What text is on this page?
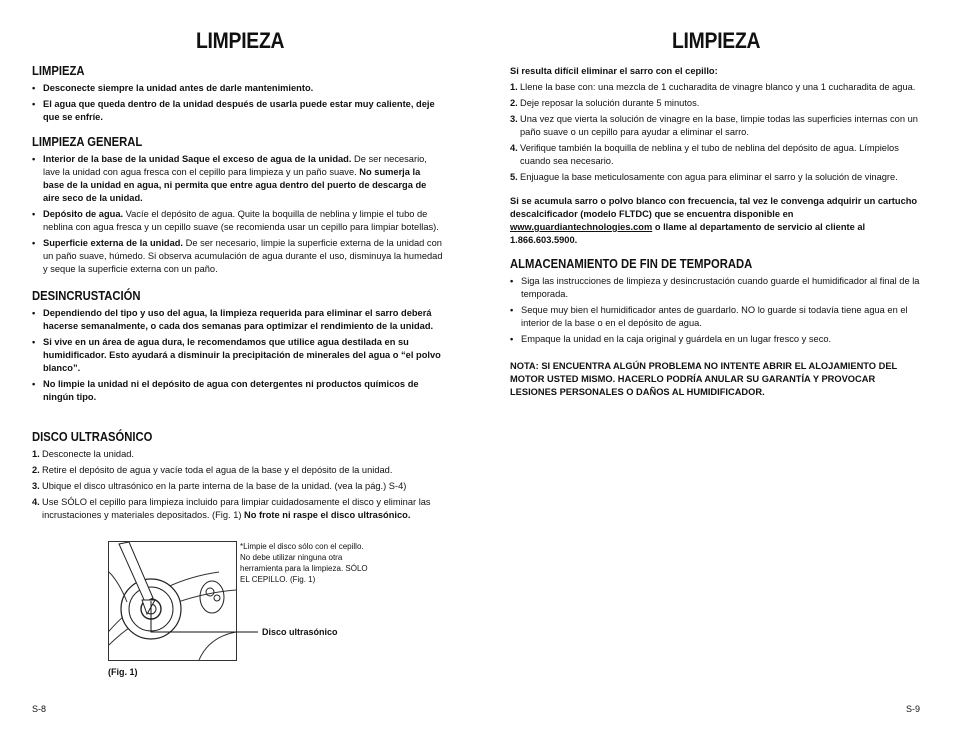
LIMPIEZA
LIMPIEZA
• Desconecte siempre la unidad antes de darle mantenimiento.
• El agua que queda dentro de la unidad después de usarla puede estar muy caliente, deje que se enfríe.
LIMPIEZA GENERAL
• Interior de la base de la unidad Saque el exceso de agua de la unidad. De ser necesario, lave la unidad con agua fresca con el cepillo para limpieza y un paño suave. No sumerja la base de la unidad en agua, ni permita que entre agua dentro del puerto de descarga de aire seco de la unidad.
• Depósito de agua. Vacíe el depósito de agua. Quite la boquilla de neblina y limpie el tubo de neblina con agua fresca y un cepillo suave (se recomienda usar un cepillo para limpiar botellas).
• Superficie externa de la unidad. De ser necesario, limpie la superficie externa de la unidad con un paño suave, húmedo. Si observa acumulación de agua durante el uso, disminuya la humedad y seque la superficie externa con un paño.
DESINCRUSTACIÓN
• Dependiendo del tipo y uso del agua, la limpieza requerida para eliminar el sarro deberá hacerse semanalmente, o cada dos semanas para optimizar el rendimiento de la unidad.
• Si vive en un área de agua dura, le recomendamos que utilice agua destilada en su humidificador. Esto ayudará a disminuir la precipitación de minerales del agua o “el polvo blanco”.
• No limpie la unidad ni el depósito de agua con detergentes ni productos químicos de ningún tipo.
DISCO ULTRASÓNICO
1. Desconecte la unidad.
2. Retire el depósito de agua y vacíe toda el agua de la base y el depósito de la unidad.
3. Ubique el disco ultrasónico en la parte interna de la base de la unidad. (vea la pág.) S-4)
4. Use SÓLO el cepillo para limpieza incluido para limpiar cuidadosamente el disco y eliminar las incrustaciones y materiales depositados. (Fig. 1) No frote ni raspe el disco ultrasónico.
S-8
*Limpie el disco sólo con el cepillo. No debe utilizar ninguna otra herramienta para la limpieza. SÓLO EL CEPILLO. (Fig. 1)
Disco ultrasónico
(Fig. 1)
LIMPIEZA

Si resulta difícil eliminar el sarro con el cepillo:

1. Llene la base con: una mezcla de 1 cucharadita de vinagre blanco y una 1 cucharadita de agua.
2. Deje reposar la solución durante 5 minutos.
3. Una vez que vierta la solución de vinagre en la base, limpie todas las superficies internas con un paño suave o un cepillo para ayudar a eliminar el sarro.
4. Verifique también la boquilla de neblina y el tubo de neblina del depósito de agua. Límpielos cuando sea necesario.
5. Enjuague la base meticulosamente con agua para eliminar el sarro y la solución de vinagre.

Si se acumula sarro o polvo blanco con frecuencia, tal vez le convenga adquirir un cartucho descalcificador (modelo FLTDC) que se encuentra disponible en www.guardiantechnologies.com o llame al departamento de servicio al cliente al 1.866.603.5900.

ALMACENAMIENTO DE FIN DE TEMPORADA
• Siga las instrucciones de limpieza y desincrustación cuando guarde el humidificador al final de la temporada.
• Seque muy bien el humidificador antes de guardarlo. NO lo guarde si todavía tiene agua en el interior de la base o en el depósito de agua.
• Empaque la unidad en la caja original y guárdela en un lugar fresco y seco.

NOTA: SI ENCUENTRA ALGÚN PROBLEMA NO INTENTE ABRIR EL ALOJAMIENTO DEL MOTOR USTED MISMO. HACERLO PODRÍA ANULAR SU GARANTÍA Y PROVOCAR LESIONES PERSONALES O DAÑOS AL HUMIDIFICADOR.

S-9
